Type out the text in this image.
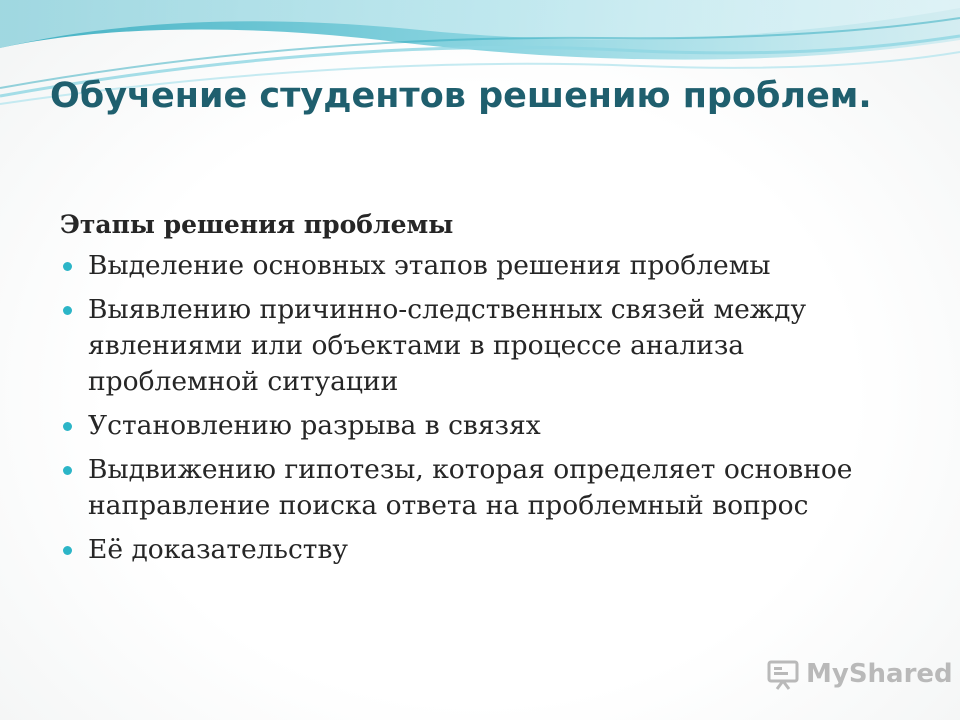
Обучение студентов решению проблем.
Этапы решения проблемы
Выделение основных этапов решения проблемы
Выявлению причинно-следственных связей между явлениями или объектами в процессе анализа проблемной ситуации
Установлению разрыва в связях
Выдвижению гипотезы, которая определяет основное направление поиска ответа на проблемный вопрос
Её доказательству
MyShared
